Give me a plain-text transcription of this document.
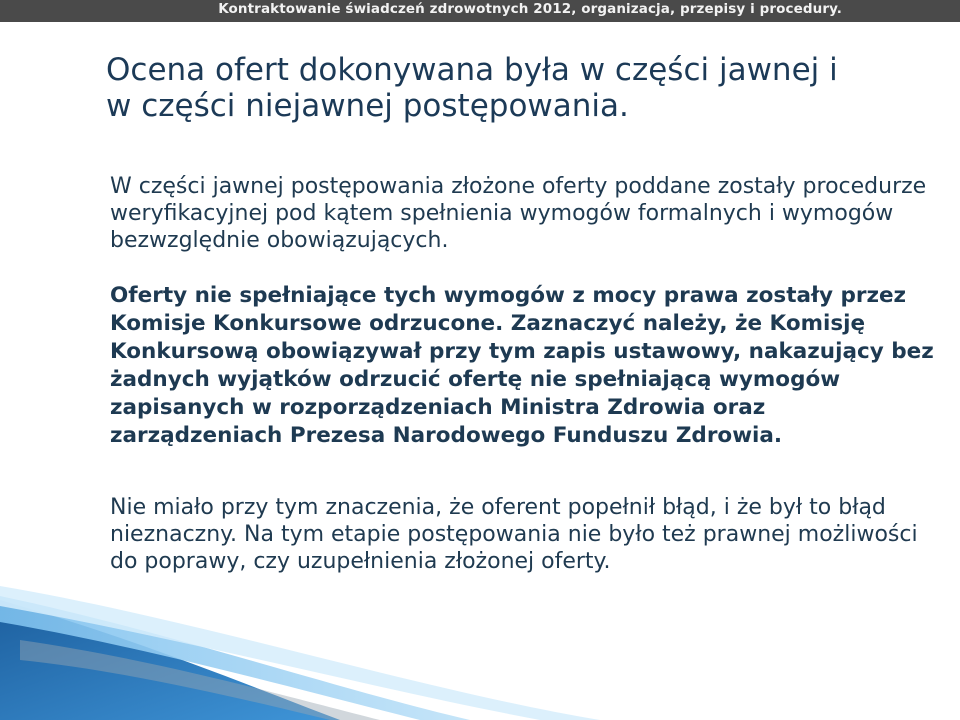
Kontraktowanie świadczeń zdrowotnych 2012, organizacja, przepisy i procedury.
Ocena ofert dokonywana była w części jawnej i w części niejawnej postępowania.

W części jawnej postępowania złożone oferty poddane zostały procedurze weryfikacyjnej pod kątem spełnienia wymogów formalnych i wymogów bezwzględnie obowiązujących.

Oferty nie spełniające tych wymogów z mocy prawa zostały przez Komisje Konkursowe odrzucone. Zaznaczyć należy, że Komisję Konkursową obowiązywał przy tym zapis ustawowy, nakazujący bez żadnych wyjątków odrzucić ofertę nie spełniającą wymogów zapisanych w rozporządzeniach Ministra Zdrowia oraz zarządzeniach Prezesa Narodowego Funduszu Zdrowia.

Nie miało przy tym znaczenia, że oferent popełnił błąd, i że był to błąd nieznaczny. Na tym etapie postępowania nie było też prawnej możliwości do poprawy, czy uzupełnienia złożonej oferty.
